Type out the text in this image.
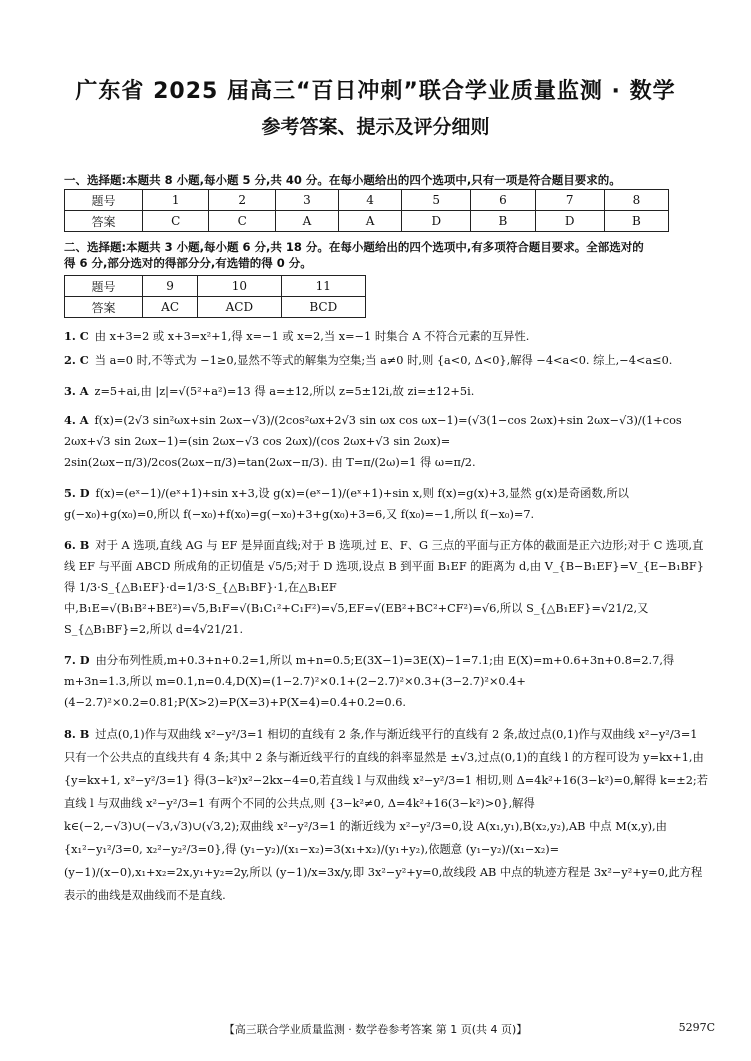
广东省 2025 届高三“百日冲刺”联合学业质量监测 · 数学
参考答案、提示及评分细则
一、选择题:本题共 8 小题,每小题 5 分,共 40 分。在每小题给出的四个选项中,只有一项是符合题目要求的。
题号	1	2	3	4	5	6	7	8
答案	C	C	A	A	D	B	D	B
二、选择题:本题共 3 小题,每小题 6 分,共 18 分。在每小题给出的四个选项中,有多项符合题目要求。全部选对的
得 6 分,部分选对的得部分分,有选错的得 0 分。
题号	9	10	11
答案	AC	ACD	BCD

1. C 由 x+3=2 或 x+3=x²+1,得 x=−1 或 x=2,当 x=−1 时集合 A 不符合元素的互异性.

2. C 当 a=0 时,不等式为 −1≥0,显然不等式的解集为空集;当 a≠0 时,则 {a<0, Δ<0},解得 −4<a<0. 综上,−4<a≤0.

3. A z=5+ai,由 |z|=√(5²+a²)=13 得 a=±12,所以 z=5±12i,故 zi=±12+5i.

4. A f(x)=(2√3 sin²ωx+sin 2ωx−√3)/(2cos²ωx+2√3 sin ωx cos ωx−1)=(√3(1−cos 2ωx)+sin 2ωx−√3)/(1+cos 2ωx+√3 sin 2ωx−1)=(sin 2ωx−√3 cos 2ωx)/(cos 2ωx+√3 sin 2ωx)= 2sin(2ωx−π/3)/2cos(2ωx−π/3)=tan(2ωx−π/3). 由 T=π/(2ω)=1 得 ω=π/2.

5. D f(x)=(eˣ−1)/(eˣ+1)+sin x+3,设 g(x)=(eˣ−1)/(eˣ+1)+sin x,则 f(x)=g(x)+3,显然 g(x)是奇函数,所以 g(−x₀)+g(x₀)=0,所以 f(−x₀)+f(x₀)=g(−x₀)+3+g(x₀)+3=6,又 f(x₀)=−1,所以 f(−x₀)=7.

6. B 对于 A 选项,直线 AG 与 EF 是异面直线;对于 B 选项,过 E、F、G 三点的平面与正方体的截面是正六边形;对于 C 选项,直线 EF 与平面 ABCD 所成角的正切值是 √5/5;对于 D 选项,设点 B 到平面 B₁EF 的距离为 d,由 V_{B−B₁EF}=V_{E−B₁BF} 得 1/3·S_{△B₁EF}·d=1/3·S_{△B₁BF}·1,在△B₁EF 中,B₁E=√(B₁B²+BE²)=√5,B₁F=√(B₁C₁²+C₁F²)=√5,EF=√(EB²+BC²+CF²)=√6,所以 S_{△B₁EF}=√21/2,又 S_{△B₁BF}=2,所以 d=4√21/21.

7. D 由分布列性质,m+0.3+n+0.2=1,所以 m+n=0.5;E(3X−1)=3E(X)−1=7.1;由 E(X)=m+0.6+3n+0.8=2.7,得 m+3n=1.3,所以 m=0.1,n=0.4,D(X)=(1−2.7)²×0.1+(2−2.7)²×0.3+(3−2.7)²×0.4+(4−2.7)²×0.2=0.81;P(X>2)=P(X=3)+P(X=4)=0.4+0.2=0.6.

8. B 过点(0,1)作与双曲线 x²−y²/3=1 相切的直线有 2 条,作与渐近线平行的直线有 2 条,故过点(0,1)作与双曲线 x²−y²/3=1 只有一个公共点的直线共有 4 条;其中 2 条与渐近线平行的直线的斜率显然是 ±√3,过点(0,1)的直线 l 的方程可设为 y=kx+1,由 {y=kx+1, x²−y²/3=1} 得(3−k²)x²−2kx−4=0,若直线 l 与双曲线 x²−y²/3=1 相切,则 Δ=4k²+16(3−k²)=0,解得 k=±2;若直线 l 与双曲线 x²−y²/3=1 有两个不同的公共点,则 {3−k²≠0, Δ=4k²+16(3−k²)>0},解得 k∈(−2,−√3)∪(−√3,√3)∪(√3,2);双曲线 x²−y²/3=1 的渐近线为 x²−y²/3=0,设 A(x₁,y₁),B(x₂,y₂),AB 中点 M(x,y),由 {x₁²−y₁²/3=0, x₂²−y₂²/3=0},得 (y₁−y₂)/(x₁−x₂)=3(x₁+x₂)/(y₁+y₂),依题意 (y₁−y₂)/(x₁−x₂)=(y−1)/(x−0),x₁+x₂=2x,y₁+y₂=2y,所以 (y−1)/x=3x/y,即 3x²−y²+y=0,故线段 AB 中点的轨迹方程是 3x²−y²+y=0,此方程表示的曲线是双曲线而不是直线.

【高三联合学业质量监测 · 数学卷参考答案 第 1 页(共 4 页)】	5297C
